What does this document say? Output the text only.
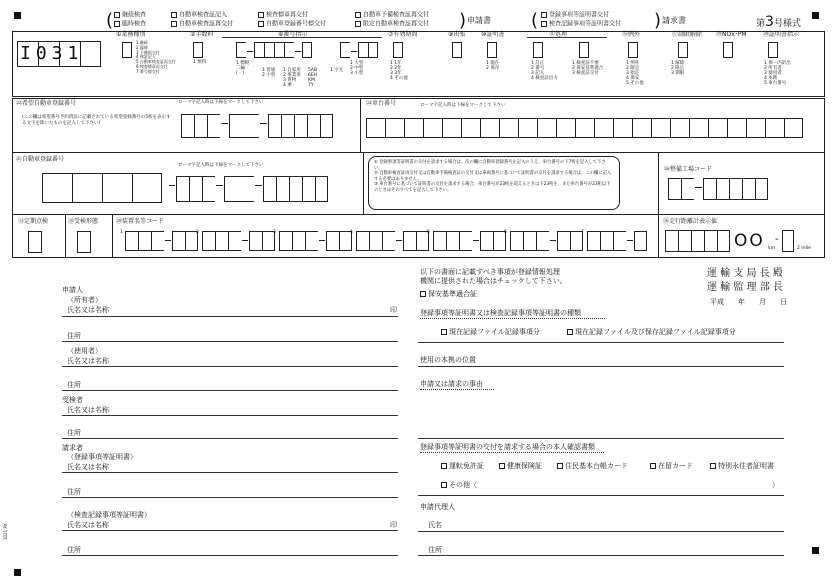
(	継続検査
臨時検査
自動車検査証記入
自動車検査証再交付
検査標章再交付
自動車登録番号標交付
自動車予備検査証再交付
限定自動車検査証再交付 ) 申請書 (	登録事項等証明書交付
検査記録事項等証明書交付 ) 請求書	第3号様式
I031
①業務種別
1 継続
2 臨時
3 予備再交付
4 検証記入
5 自動車検査証再交付
6 検査標章再交付
7 番号標交付
②手数料
1 無料
⑥番号指示
1 標板
二輪
(一)
1 普通
2 小型
1 自家用
2 事業用
3 貨物
4 乗
5AB
6EH
KM
7Y
1 字光
1 大型
2 中型
3 小型
⑦有効期間
1 1年
2 2年
3 3年
4 その他
⑨出張	⑩証明書
1 現在
2 保存
⑪処理
1 訂正
2 番号
3 記入
4 検査証出力
1 検査証不要
2 保安基準適合
3 検査証交付
⑮例外
1 例外
2 限定
3 指定
4 保安
5 その他
⑰制限解除
1 解除
2 限定
3 期限
⑲NOx･PM	⑳証明書指示
1 保・内訳出
2 所有者
3 使用者
4 本拠
5 車台番号
㉒希望自動車登録番号	ローマ字記入時は下線をマークして下さい
(この欄は希望番号予約済証に記載されている希望登録番号の5桁を表示する文字を除いたものを記入して下さい)
㉔車台番号	ローマ字記入時は下線をマークして下さい
㉑自動車登録番号
ローマ字記入時は下線をマークして下さい
① 登録事項等証明書の交付を請求する場合は、次の欄に自動車登録番号を記入のうえ、車台番号の下7桁を記入して下さい。
② 自動車検査証再交付又は自動車予備検査証の交付又は車両番号に基づいて証明書の交付を請求する場合は、この欄に記入する必要はありません。
③ 車台番号に基づいて証明書の交付を請求する場合、車台番号が23桁を超えるときは下23桁を、また車台番号が23桁以下のときはそのすべてを記入して下さい。
㉖整備工場コード
⑬定期点検	⑱受検形態	⑳装置名等コード
1	2	3	4	5	6	7
⑯走行距離計表示値
OO km
-
2 mile
1021 PX
申請人
（所有者）
氏名又は名称	印
住所
（使用者）
氏名又は名称
住所
受検者
氏名又は名称
住所
請求者
（登録事項等証明書）
氏名又は名称
住所
（検査記録事項等証明書）
氏名又は名称	印
住所
以下の書面に記載すべき事項が登録情報処理
機関に提供された場合はチェックして下さい。
保安基準適合証
運 輸 支 局 長 殿
運 輸 監 理 部 長
平成　　年　　月　　日
登録事項等証明書又は検査記録事項等証明書の種類
現在記録ファイル記録事項分	現在記録ファイル及び保存記録ファイル記録事項分
使用の本拠の位置
申請又は請求の事由
登録事項等証明書の交付を請求する場合の本人確認書類
運転免許証	健康保険証	住民基本台帳カード	在留カード	特別永住者証明書
その他（	）
申請代理人
氏名
住所
